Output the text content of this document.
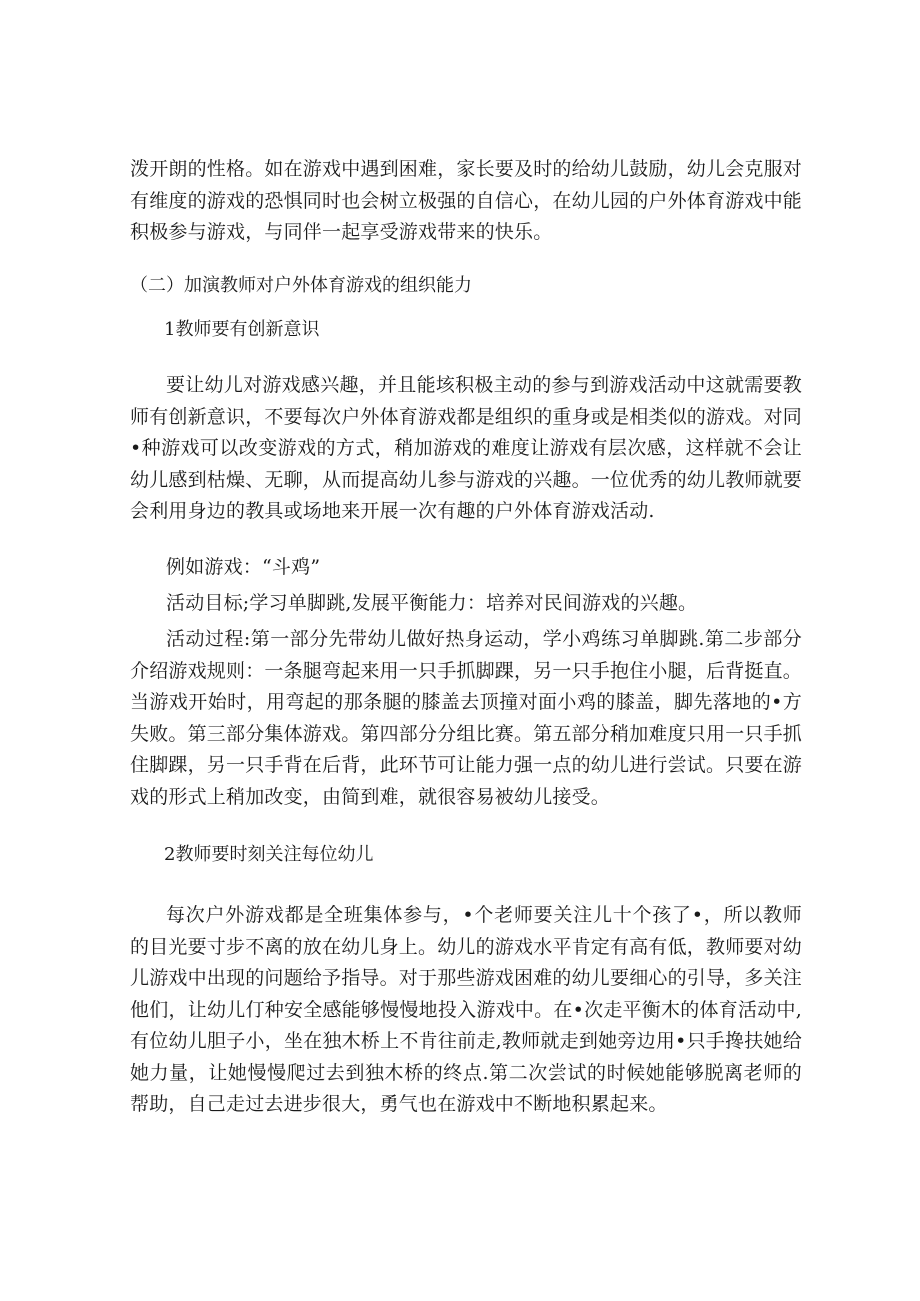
泼开朗的性格。如在游戏中遇到困难，家长要及时的给幼儿鼓励，幼儿会克服对有维度的游戏的恐惧同时也会树立极强的自信心，在幼儿园的户外体育游戏中能积极参与游戏，与同伴一起享受游戏带来的快乐。

（二）加演教师对户外体育游戏的组织能力

1教师要有创新意识

要让幼儿对游戏感兴趣，并且能垓积极主动的参与到游戏活动中这就需要教师有创新意识，不要每次户外体育游戏都是组织的重身或是相类似的游戏。对同•种游戏可以改变游戏的方式，稍加游戏的难度让游戏有层次感，这样就不会让幼儿感到枯燥、无聊，从而提高幼儿参与游戏的兴趣。一位优秀的幼儿教师就要会利用身边的教具或场地来开展一次有趣的户外体育游戏活动.

例如游戏：“斗鸡”

活动目标;学习单脚跳,发展平衡能力：培养对民间游戏的兴趣。

活动过程:第一部分先带幼儿做好热身运动，学小鸡练习单脚跳.第二步部分介绍游戏规则：一条腿弯起来用一只手抓脚踝，另一只手抱住小腿，后背挺直。当游戏开始时，用弯起的那条腿的膝盖去顶撞对面小鸡的膝盖，脚先落地的•方失败。第三部分集体游戏。第四部分分组比赛。第五部分稍加难度只用一只手抓住脚踝，另一只手背在后背，此环节可让能力强一点的幼儿进行尝试。只要在游戏的形式上稍加改变，由简到难，就很容易被幼儿接受。

2教师要时刻关注每位幼儿

每次户外游戏都是全班集体参与，•个老师要关注儿十个孩了•，所以教师的目光要寸步不离的放在幼儿身上。幼儿的游戏水平肯定有高有低，教师要对幼儿游戏中出现的问题给予指导。对于那些游戏困难的幼儿要细心的引导，多关注他们，让幼儿仃种安全感能够慢慢地投入游戏中。在•次走平衡木的体育活动中,有位幼儿胆子小，坐在独木桥上不肯往前走,教师就走到她旁边用•只手搀扶她给她力量，让她慢慢爬过去到独木桥的终点.第二次尝试的时候她能够脱离老师的帮助，自己走过去进步很大，勇气也在游戏中不断地积累起来。
